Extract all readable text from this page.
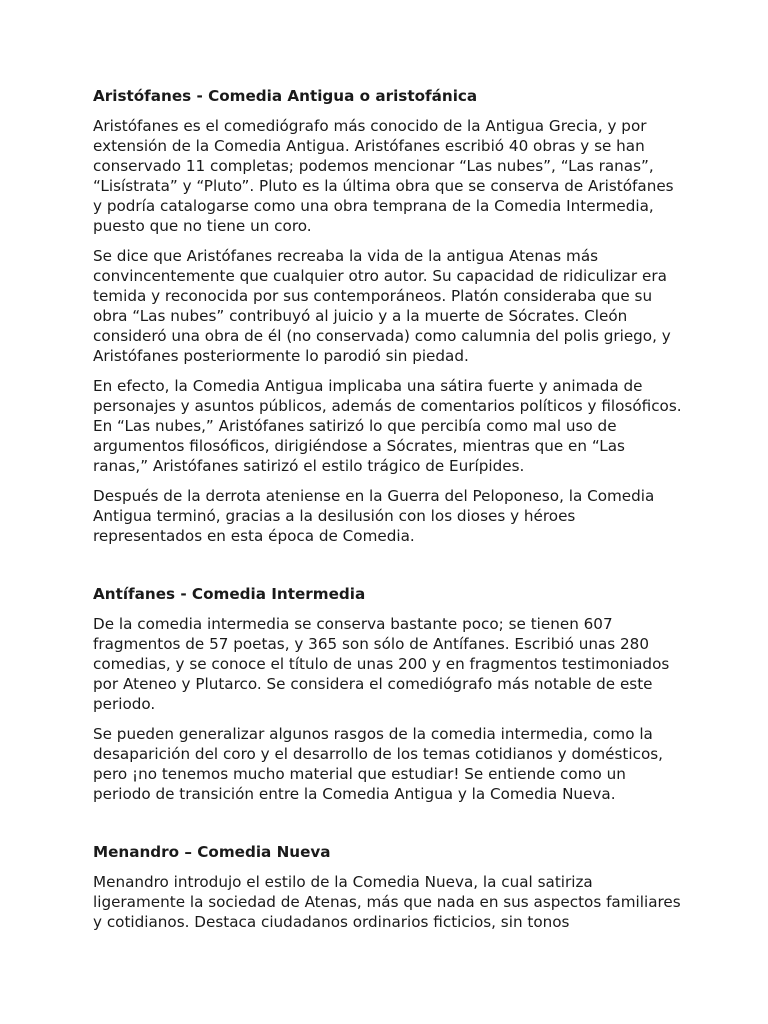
Aristófanes - Comedia Antigua o aristofánica

Aristófanes es el comediógrafo más conocido de la Antigua Grecia, y por extensión de la Comedia Antigua. Aristófanes escribió 40 obras y se han conservado 11 completas; podemos mencionar “Las nubes”, “Las ranas”, “Lisístrata” y “Pluto”. Pluto es la última obra que se conserva de Aristófanes y podría catalogarse como una obra temprana de la Comedia Intermedia, puesto que no tiene un coro.

Se dice que Aristófanes recreaba la vida de la antigua Atenas más convincentemente que cualquier otro autor. Su capacidad de ridiculizar era temida y reconocida por sus contemporáneos. Platón consideraba que su obra “Las nubes” contribuyó al juicio y a la muerte de Sócrates. Cleón consideró una obra de él (no conservada) como calumnia del polis griego, y Aristófanes posteriormente lo parodió sin piedad.

En efecto, la Comedia Antigua implicaba una sátira fuerte y animada de personajes y asuntos públicos, además de comentarios políticos y filosóficos. En “Las nubes,” Aristófanes satirizó lo que percibía como mal uso de argumentos filosóficos, dirigiéndose a Sócrates, mientras que en “Las ranas,” Aristófanes satirizó el estilo trágico de Eurípides.

Después de la derrota ateniense en la Guerra del Peloponeso, la Comedia Antigua terminó, gracias a la desilusión con los dioses y héroes representados en esta época de Comedia.

Antífanes - Comedia Intermedia

De la comedia intermedia se conserva bastante poco; se tienen 607 fragmentos de 57 poetas, y 365 son sólo de Antífanes. Escribió unas 280 comedias, y se conoce el título de unas 200 y en fragmentos testimoniados por Ateneo y Plutarco. Se considera el comediógrafo más notable de este periodo.

Se pueden generalizar algunos rasgos de la comedia intermedia, como la desaparición del coro y el desarrollo de los temas cotidianos y domésticos, pero ¡no tenemos mucho material que estudiar! Se entiende como un periodo de transición entre la Comedia Antigua y la Comedia Nueva.

Menandro – Comedia Nueva

Menandro introdujo el estilo de la Comedia Nueva, la cual satiriza ligeramente la sociedad de Atenas, más que nada en sus aspectos familiares y cotidianos. Destaca ciudadanos ordinarios ficticios, sin tonos
